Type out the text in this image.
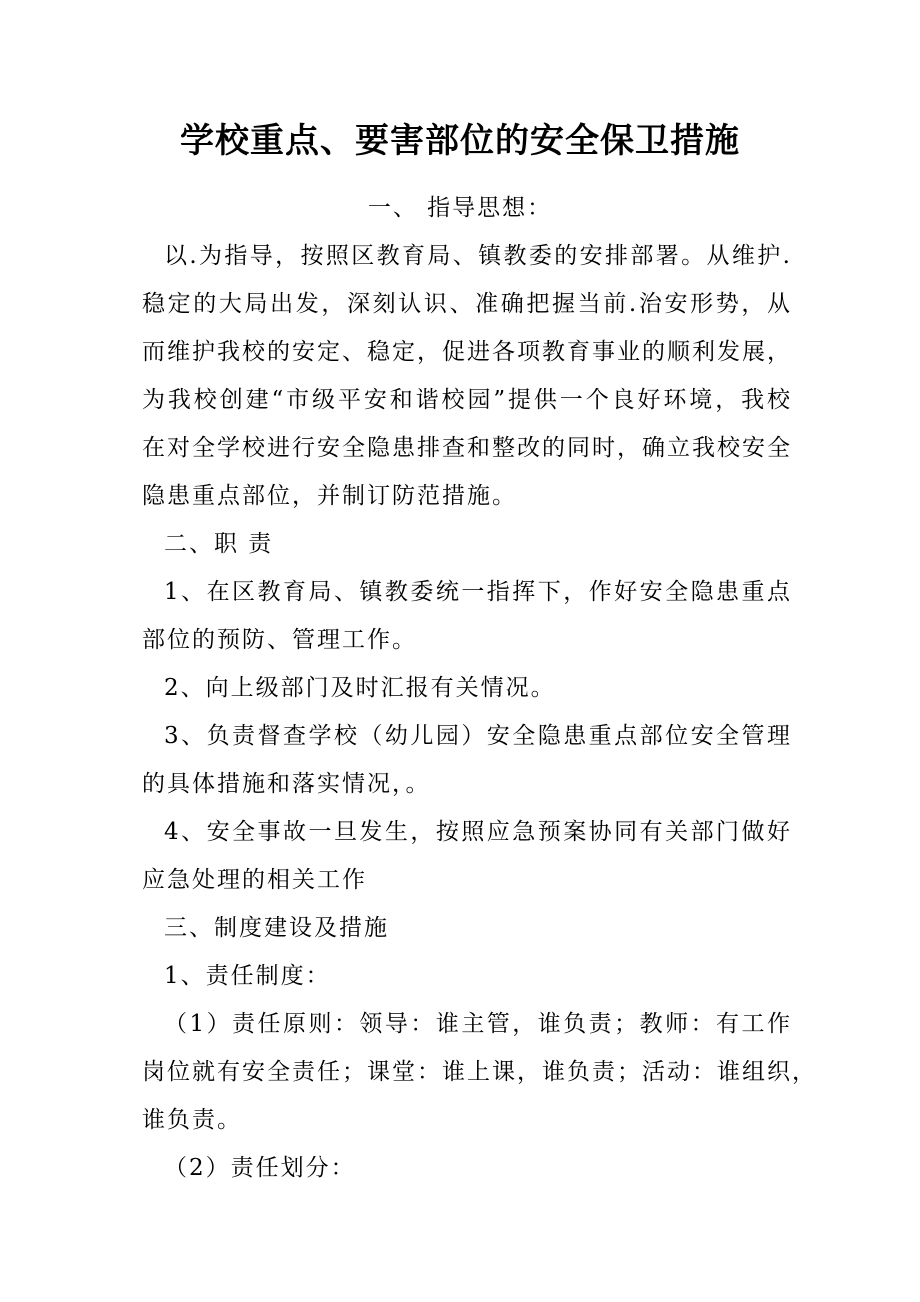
学校重点、要害部位的安全保卫措施
一、 指导思想：
以.为指导，按照区教育局、镇教委的安排部署。从维护.
稳定的大局出发，深刻认识、准确把握当前.治安形势，从
而维护我校的安定、稳定，促进各项教育事业的顺利发展，
为我校创建“市级平安和谐校园”提供一个良好环境，我校
在对全学校进行安全隐患排查和整改的同时，确立我校安全
隐患重点部位，并制订防范措施。
二、职 责
1、在区教育局、镇教委统一指挥下，作好安全隐患重点
部位的预防、管理工作。
2、向上级部门及时汇报有关情况。
3、负责督查学校（幼儿园）安全隐患重点部位安全管理
的具体措施和落实情况，。
4、安全事故一旦发生，按照应急预案协同有关部门做好
应急处理的相关工作
三、制度建设及措施
1、责任制度：
（1）责任原则：领导：谁主管，谁负责；教师：有工作
岗位就有安全责任；课堂：谁上课，谁负责；活动：谁组织，
谁负责。
（2）责任划分：
